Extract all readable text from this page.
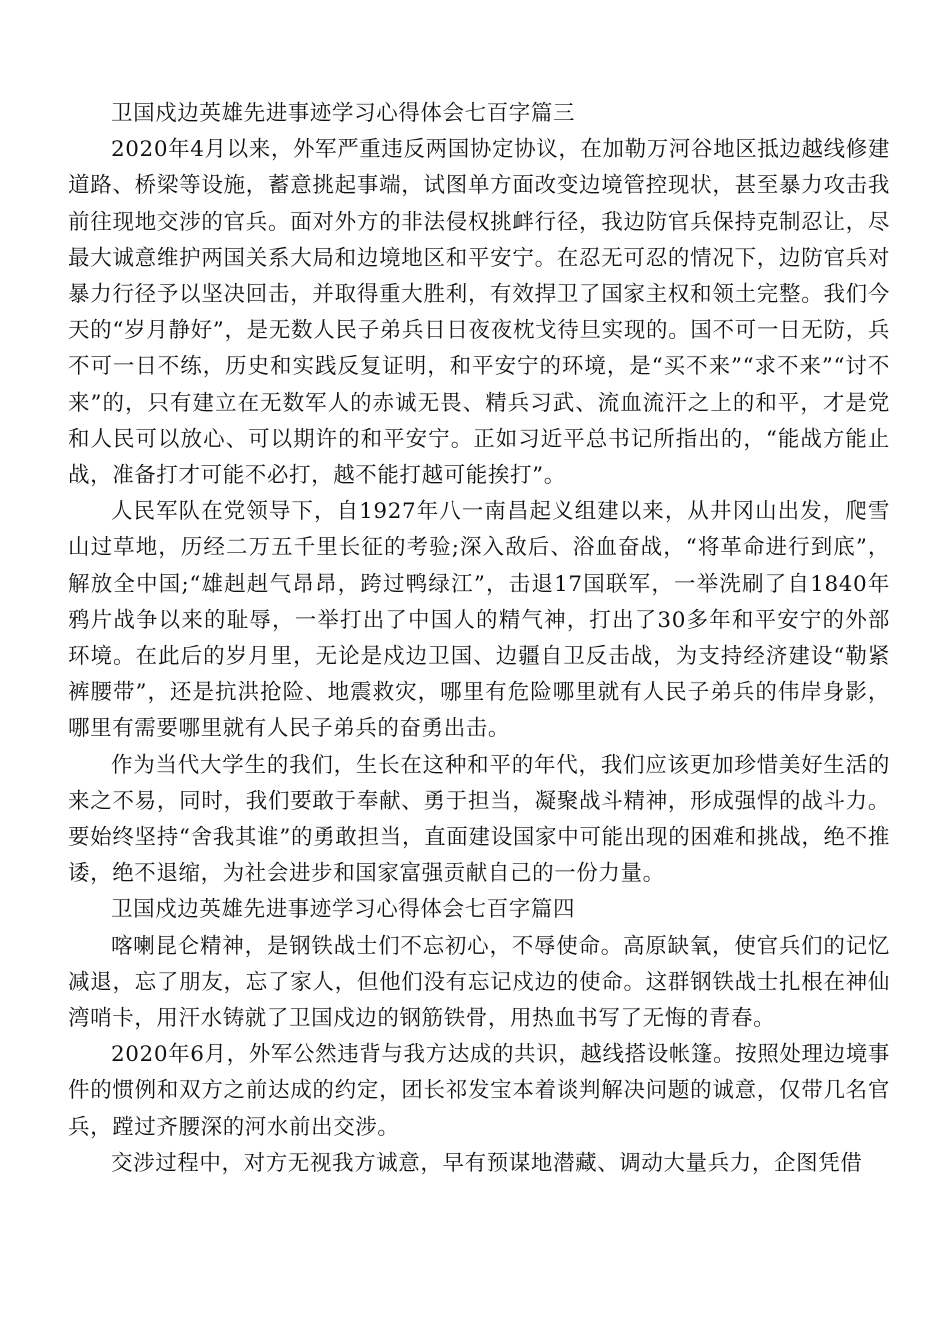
卫国戍边英雄先进事迹学习心得体会七百字篇三

2020年4月以来，外军严重违反两国协定协议，在加勒万河谷地区抵边越线修建道路、桥梁等设施，蓄意挑起事端，试图单方面改变边境管控现状，甚至暴力攻击我前往现地交涉的官兵。面对外方的非法侵权挑衅行径，我边防官兵保持克制忍让，尽最大诚意维护两国关系大局和边境地区和平安宁。在忍无可忍的情况下，边防官兵对暴力行径予以坚决回击，并取得重大胜利，有效捍卫了国家主权和领土完整。我们今天的“岁月静好”，是无数人民子弟兵日日夜夜枕戈待旦实现的。国不可一日无防，兵不可一日不练，历史和实践反复证明，和平安宁的环境，是“买不来”“求不来”“讨不来”的，只有建立在无数军人的赤诚无畏、精兵习武、流血流汗之上的和平，才是党和人民可以放心、可以期许的和平安宁。正如习近平总书记所指出的，“能战方能止战，准备打才可能不必打，越不能打越可能挨打”。

人民军队在党领导下，自1927年八一南昌起义组建以来，从井冈山出发，爬雪山过草地，历经二万五千里长征的考验;深入敌后、浴血奋战，“将革命进行到底”，解放全中国;“雄赳赳气昂昂，跨过鸭绿江”，击退17国联军，一举洗刷了自1840年鸦片战争以来的耻辱，一举打出了中国人的精气神，打出了30多年和平安宁的外部环境。在此后的岁月里，无论是戍边卫国、边疆自卫反击战，为支持经济建设“勒紧裤腰带”，还是抗洪抢险、地震救灾，哪里有危险哪里就有人民子弟兵的伟岸身影，哪里有需要哪里就有人民子弟兵的奋勇出击。

作为当代大学生的我们，生长在这种和平的年代，我们应该更加珍惜美好生活的来之不易，同时，我们要敢于奉献、勇于担当，凝聚战斗精神，形成强悍的战斗力。要始终坚持“舍我其谁”的勇敢担当，直面建设国家中可能出现的困难和挑战，绝不推诿，绝不退缩，为社会进步和国家富强贡献自己的一份力量。

卫国戍边英雄先进事迹学习心得体会七百字篇四

喀喇昆仑精神，是钢铁战士们不忘初心，不辱使命。高原缺氧，使官兵们的记忆减退，忘了朋友，忘了家人，但他们没有忘记戍边的使命。这群钢铁战士扎根在神仙湾哨卡，用汗水铸就了卫国戍边的钢筋铁骨，用热血书写了无悔的青春。

2020年6月，外军公然违背与我方达成的共识，越线搭设帐篷。按照处理边境事件的惯例和双方之前达成的约定，团长祁发宝本着谈判解决问题的诚意，仅带几名官兵，蹚过齐腰深的河水前出交涉。

交涉过程中，对方无视我方诚意，早有预谋地潜藏、调动大量兵力，企图凭借
